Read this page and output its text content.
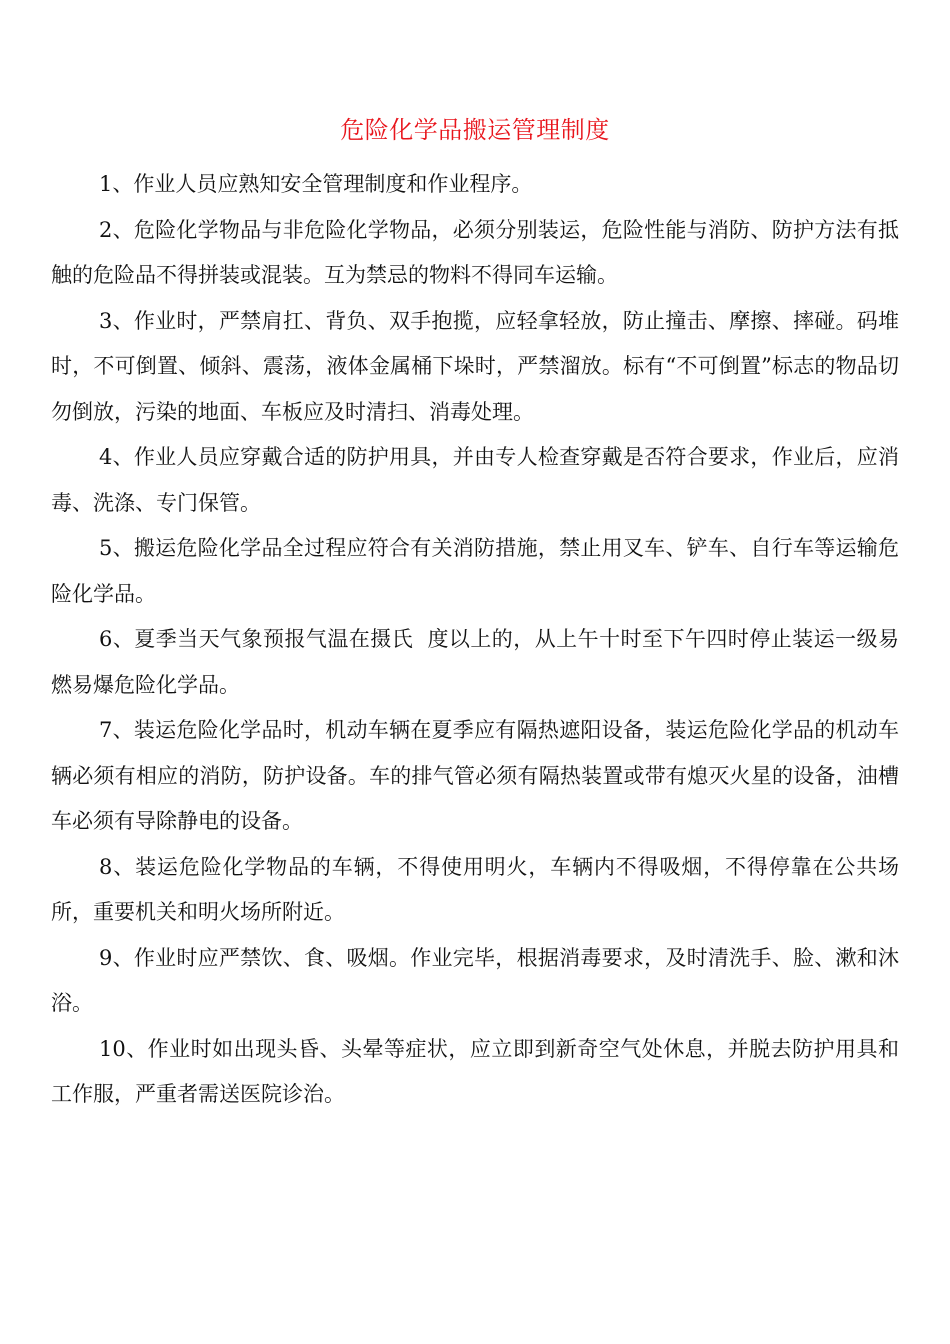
危险化学品搬运管理制度

1、作业人员应熟知安全管理制度和作业程序。

2、危险化学物品与非危险化学物品，必须分别装运，危险性能与消防、防护方法有抵触的危险品不得拼装或混装。互为禁忌的物料不得同车运输。

3、作业时，严禁肩扛、背负、双手抱揽，应轻拿轻放，防止撞击、摩擦、摔碰。码堆时，不可倒置、倾斜、震荡，液体金属桶下垛时，严禁溜放。标有“不可倒置”标志的物品切勿倒放，污染的地面、车板应及时清扫、消毒处理。

4、作业人员应穿戴合适的防护用具，并由专人检查穿戴是否符合要求，作业后，应消毒、洗涤、专门保管。

5、搬运危险化学品全过程应符合有关消防措施，禁止用叉车、铲车、自行车等运输危险化学品。

6、夏季当天气象预报气温在摄氏  度以上的，从上午十时至下午四时停止装运一级易燃易爆危险化学品。

7、装运危险化学品时，机动车辆在夏季应有隔热遮阳设备，装运危险化学品的机动车辆必须有相应的消防，防护设备。车的排气管必须有隔热装置或带有熄灭火星的设备，油槽车必须有导除静电的设备。

8、装运危险化学物品的车辆，不得使用明火，车辆内不得吸烟，不得停靠在公共场所，重要机关和明火场所附近。

9、作业时应严禁饮、食、吸烟。作业完毕，根据消毒要求，及时清洗手、脸、漱和沐浴。

10、作业时如出现头昏、头晕等症状，应立即到新奇空气处休息，并脱去防护用具和工作服，严重者需送医院诊治。
